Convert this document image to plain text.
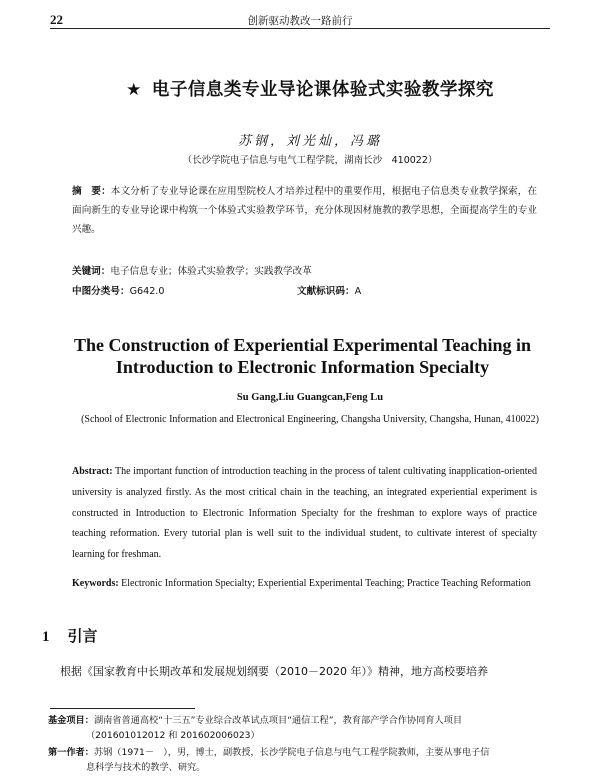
22	创新驱动教改一路前行
★ 电子信息类专业导论课体验式实验教学探究
苏钢，刘光灿，冯璐
（长沙学院电子信息与电气工程学院，湖南长沙　410022）
摘　要：本文分析了专业导论课在应用型院校人才培养过程中的重要作用，根据电子信息类专业教学探索，在面向新生的专业导论课中构筑一个体验式实验教学环节，充分体现因材施教的教学思想，全面提高学生的专业兴趣。
关键词：电子信息专业；体验式实验教学；实践教学改革
中图分类号：G642.0	文献标识码：A
The Construction of Experiential Experimental Teaching in Introduction to Electronic Information Specialty
Su Gang,Liu Guangcan,Feng Lu
(School of Electronic Information and Electronical Engineering, Changsha University, Changsha, Hunan, 410022)
Abstract: The important function of introduction teaching in the process of talent cultivating inapplication-oriented university is analyzed firstly. As the most critical chain in the teaching, an integrated experiential experiment is constructed in Introduction to Electronic Information Specialty for the freshman to explore ways of practice teaching reformation. Every tutorial plan is well suit to the individual student, to cultivate interest of specialty learning for freshman.
Keywords: Electronic Information Specialty; Experiential Experimental Teaching; Practice Teaching Reformation
1 引言
根据《国家教育中长期改革和发展规划纲要（2010－2020 年）》精神，地方高校要培养
基金项目：湖南省普通高校“十三五”专业综合改革试点项目“通信工程”，教育部产学合作协同育人项目
（201601012012 和 201602006023）
第一作者：苏钢（1971－　），男，博士，副教授，长沙学院电子信息与电气工程学院教师，主要从事电子信
息科学与技术的教学、研究。
